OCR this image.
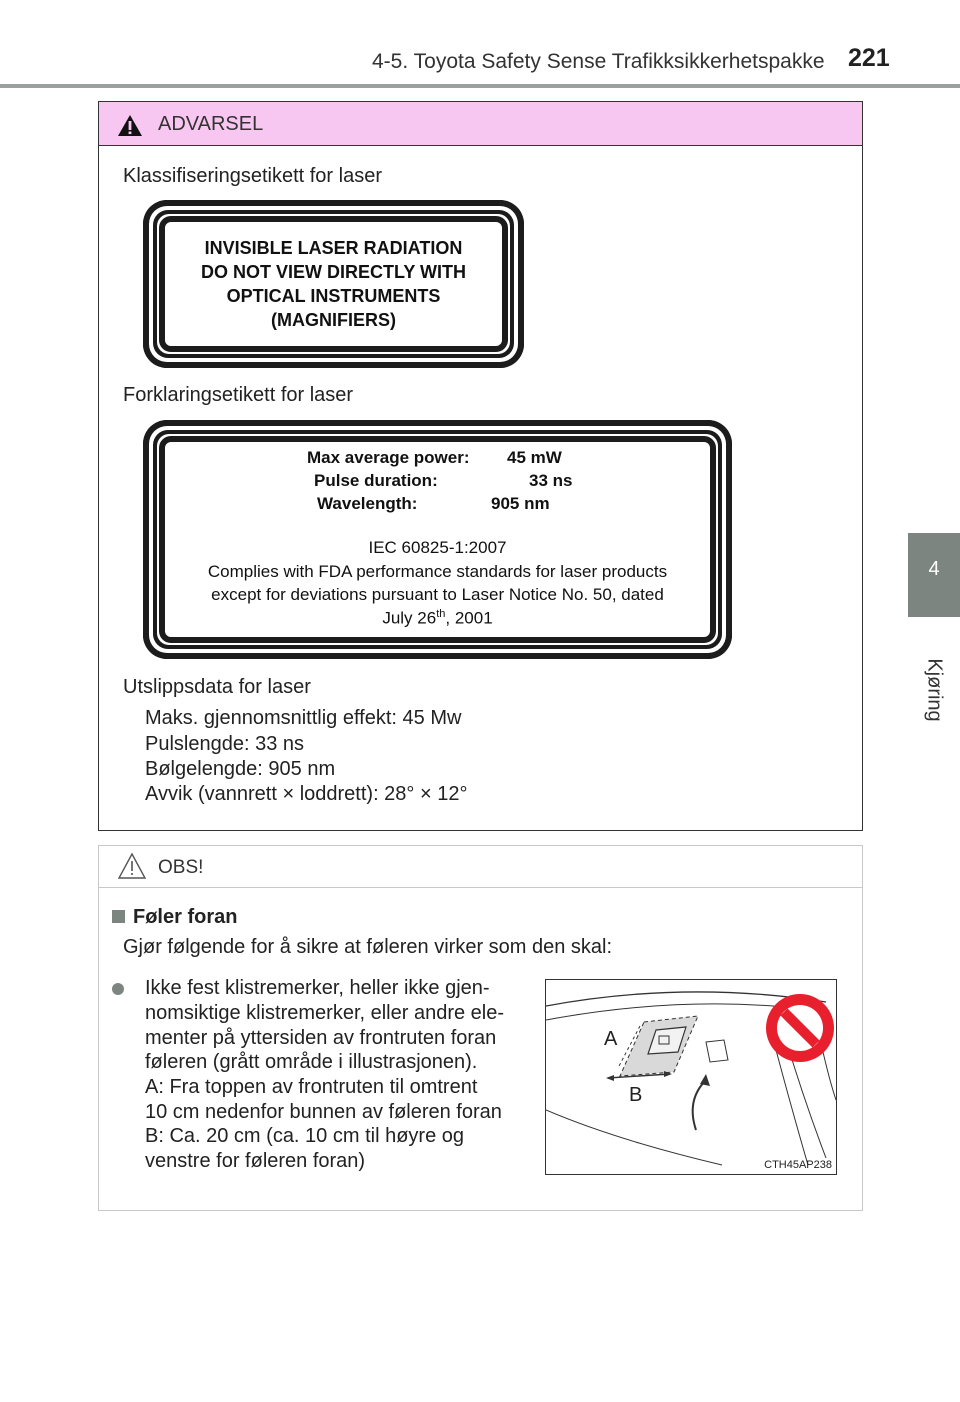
4-5. Toyota Safety Sense Trafikksikkerhetspakke 221
4
Kjøring
ADVARSEL
Klassifiseringsetikett for laser
INVISIBLE LASER RADIATION
DO NOT VIEW DIRECTLY WITH
OPTICAL INSTRUMENTS
(MAGNIFIERS)
Forklaringsetikett for laser
Max average power:	45 mW
Pulse duration:	33 ns
Wavelength:	905 nm
IEC 60825-1:2007
Complies with FDA performance standards for laser products
except for deviations pursuant to Laser Notice No. 50, dated
July 26th, 2001
Utslippsdata for laser
Maks. gjennomsnittlig effekt: 45 Mw
Pulslengde: 33 ns
Bølgelengde: 905 nm
Avvik (vannrett × loddrett): 28° × 12°
OBS!
Føler foran
Gjør følgende for å sikre at føleren virker som den skal:
Ikke fest klistremerker, heller ikke gjen-
nomsiktige klistremerker, eller andre ele-
menter på yttersiden av frontruten foran
føleren (grått område i illustrasjonen).
A: Fra toppen av frontruten til omtrent
10 cm nedenfor bunnen av føleren foran
B: Ca. 20 cm (ca. 10 cm til høyre og
venstre for føleren foran)
A
B
CTH45AP238
